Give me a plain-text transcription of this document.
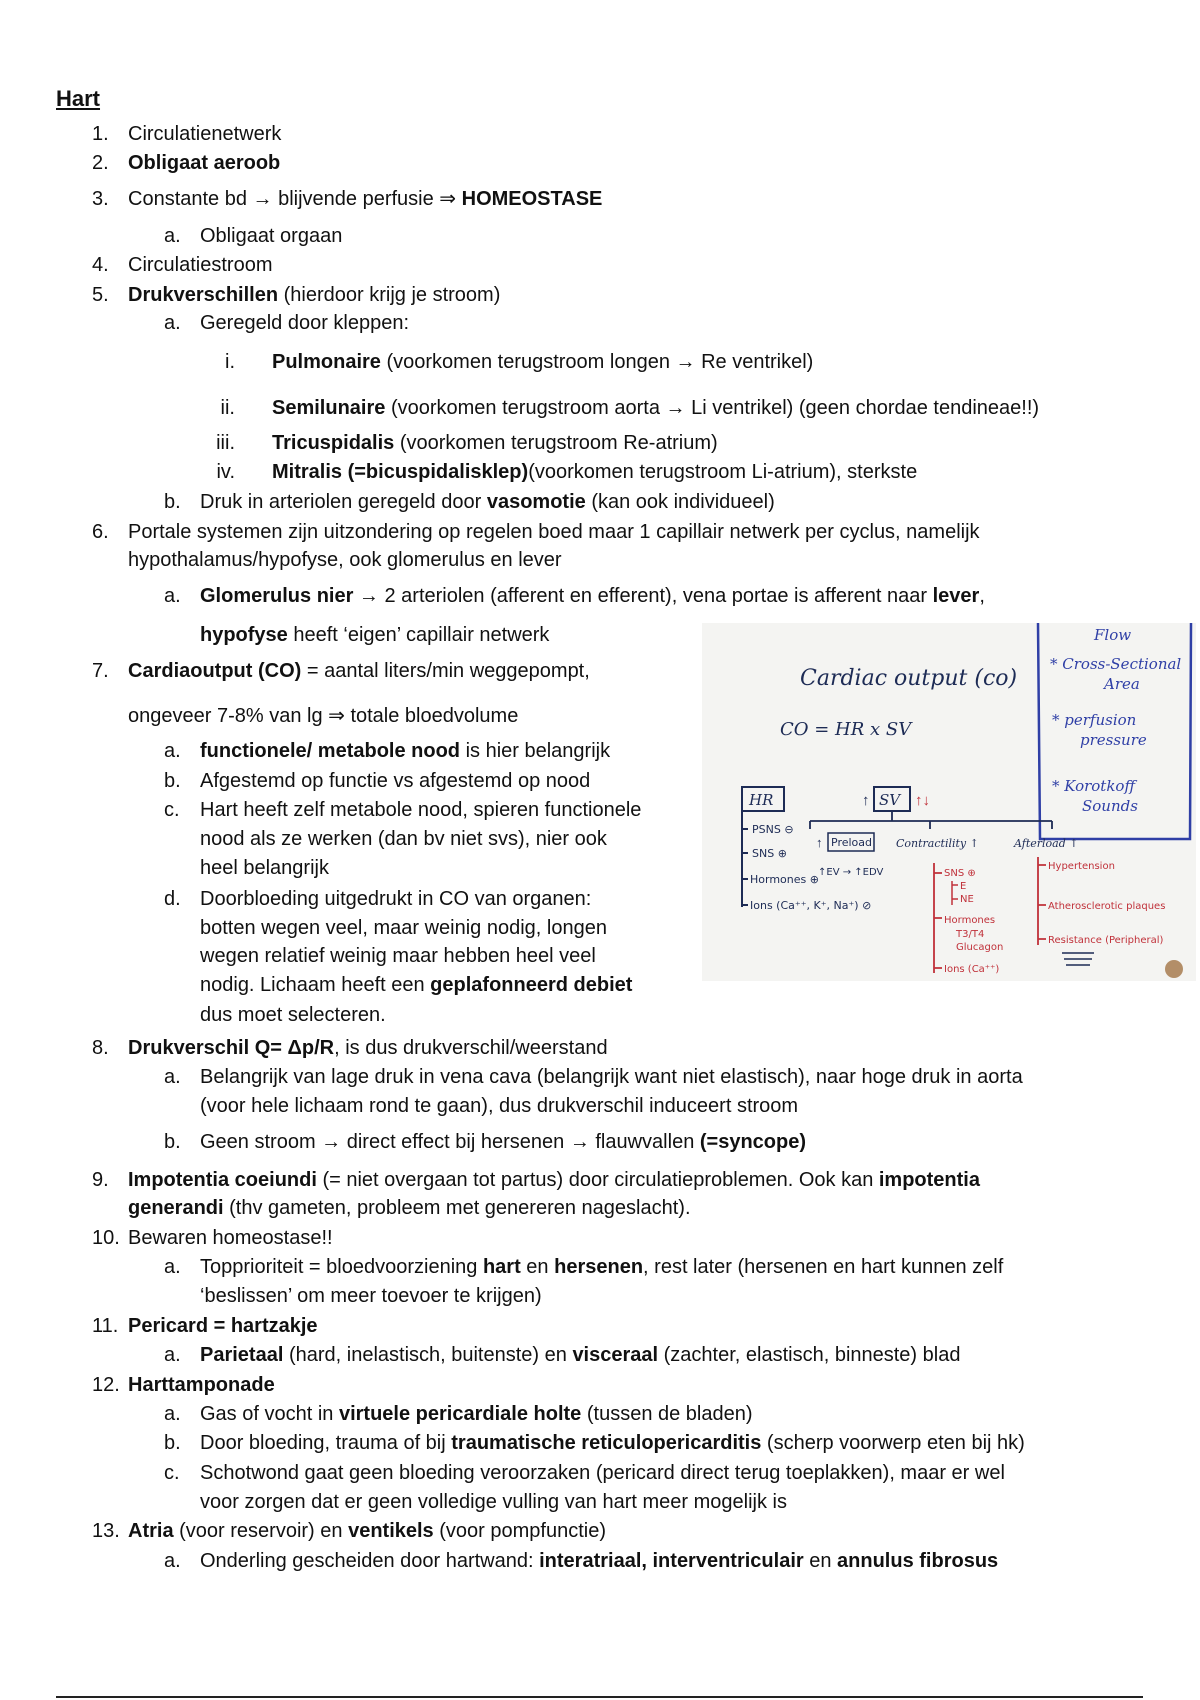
Hart
1. Circulatienetwerk
2. Obligaat aeroob
3. Constante bd → blijvende perfusie ⇒ HOMEOSTASE
a. Obligaat orgaan
4. Circulatiestroom
5. Drukverschillen (hierdoor krijg je stroom)
a. Geregeld door kleppen:
i. Pulmonaire (voorkomen terugstroom longen → Re ventrikel)
ii. Semilunaire (voorkomen terugstroom aorta → Li ventrikel) (geen chordae tendineae!!)
iii. Tricuspidalis (voorkomen terugstroom Re-atrium)
iv. Mitralis (=bicuspidalisklep)(voorkomen terugstroom Li-atrium), sterkste
b. Druk in arteriolen geregeld door vasomotie (kan ook individueel)
6. Portale systemen zijn uitzondering op regelen boed maar 1 capillair netwerk per cyclus, namelijk
hypothalamus/hypofyse, ook glomerulus en lever
a. Glomerulus nier → 2 arteriolen (afferent en efferent), vena portae is afferent naar lever,
hypofyse heeft ‘eigen’ capillair netwerk
7. Cardiaoutput (CO) = aantal liters/min weggepompt,
ongeveer 7-8% van lg ⇒ totale bloedvolume
a. functionele/ metabole nood is hier belangrijk
b. Afgestemd op functie vs afgestemd op nood
c. Hart heeft zelf metabole nood, spieren functionele
nood als ze werken (dan bv niet svs), nier ook
heel belangrijk
d. Doorbloeding uitgedrukt in CO van organen:
botten wegen veel, maar weinig nodig, longen
wegen relatief weinig maar hebben heel veel
nodig. Lichaam heeft een geplafonneerd debiet
dus moet selecteren.
Flow
* Cross-Sectional
Area
* perfusion
pressure
* Korotkoff
Sounds
Cardiac output (co)
CO = HR x SV
HR
PSNS ⊖
SNS ⊕
Hormones ⊕
Ions (Ca⁺⁺, K⁺, Na⁺) ⊘
SV
↑	↑↓
Preload
↑
↑EV → ↑EDV
Contractility ↑
SNS ⊕
E
NE
Hormones
T3/T4
Glucagon
Ions (Ca⁺⁺)
Afterload ↑
Hypertension
Atherosclerotic plaques
Resistance (Peripheral)
8. Drukverschil Q= Δp/R, is dus drukverschil/weerstand
a. Belangrijk van lage druk in vena cava (belangrijk want niet elastisch), naar hoge druk in aorta
(voor hele lichaam rond te gaan), dus drukverschil induceert stroom
b. Geen stroom → direct effect bij hersenen → flauwvallen (=syncope)
9. Impotentia coeiundi (= niet overgaan tot partus) door circulatieproblemen. Ook kan impotentia
generandi (thv gameten, probleem met genereren nageslacht).
10. Bewaren homeostase!!
a. Topprioriteit = bloedvoorziening hart en hersenen, rest later (hersenen en hart kunnen zelf
‘beslissen’ om meer toevoer te krijgen)
11. Pericard = hartzakje
a. Parietaal (hard, inelastisch, buitenste) en visceraal (zachter, elastisch, binneste) blad
12. Harttamponade
a. Gas of vocht in virtuele pericardiale holte (tussen de bladen)
b. Door bloeding, trauma of bij traumatische reticulopericarditis (scherp voorwerp eten bij hk)
c. Schotwond gaat geen bloeding veroorzaken (pericard direct terug toeplakken), maar er wel
voor zorgen dat er geen volledige vulling van hart meer mogelijk is
13. Atria (voor reservoir) en ventikels (voor pompfunctie)
a. Onderling gescheiden door hartwand: interatriaal, interventriculair en annulus fibrosus
